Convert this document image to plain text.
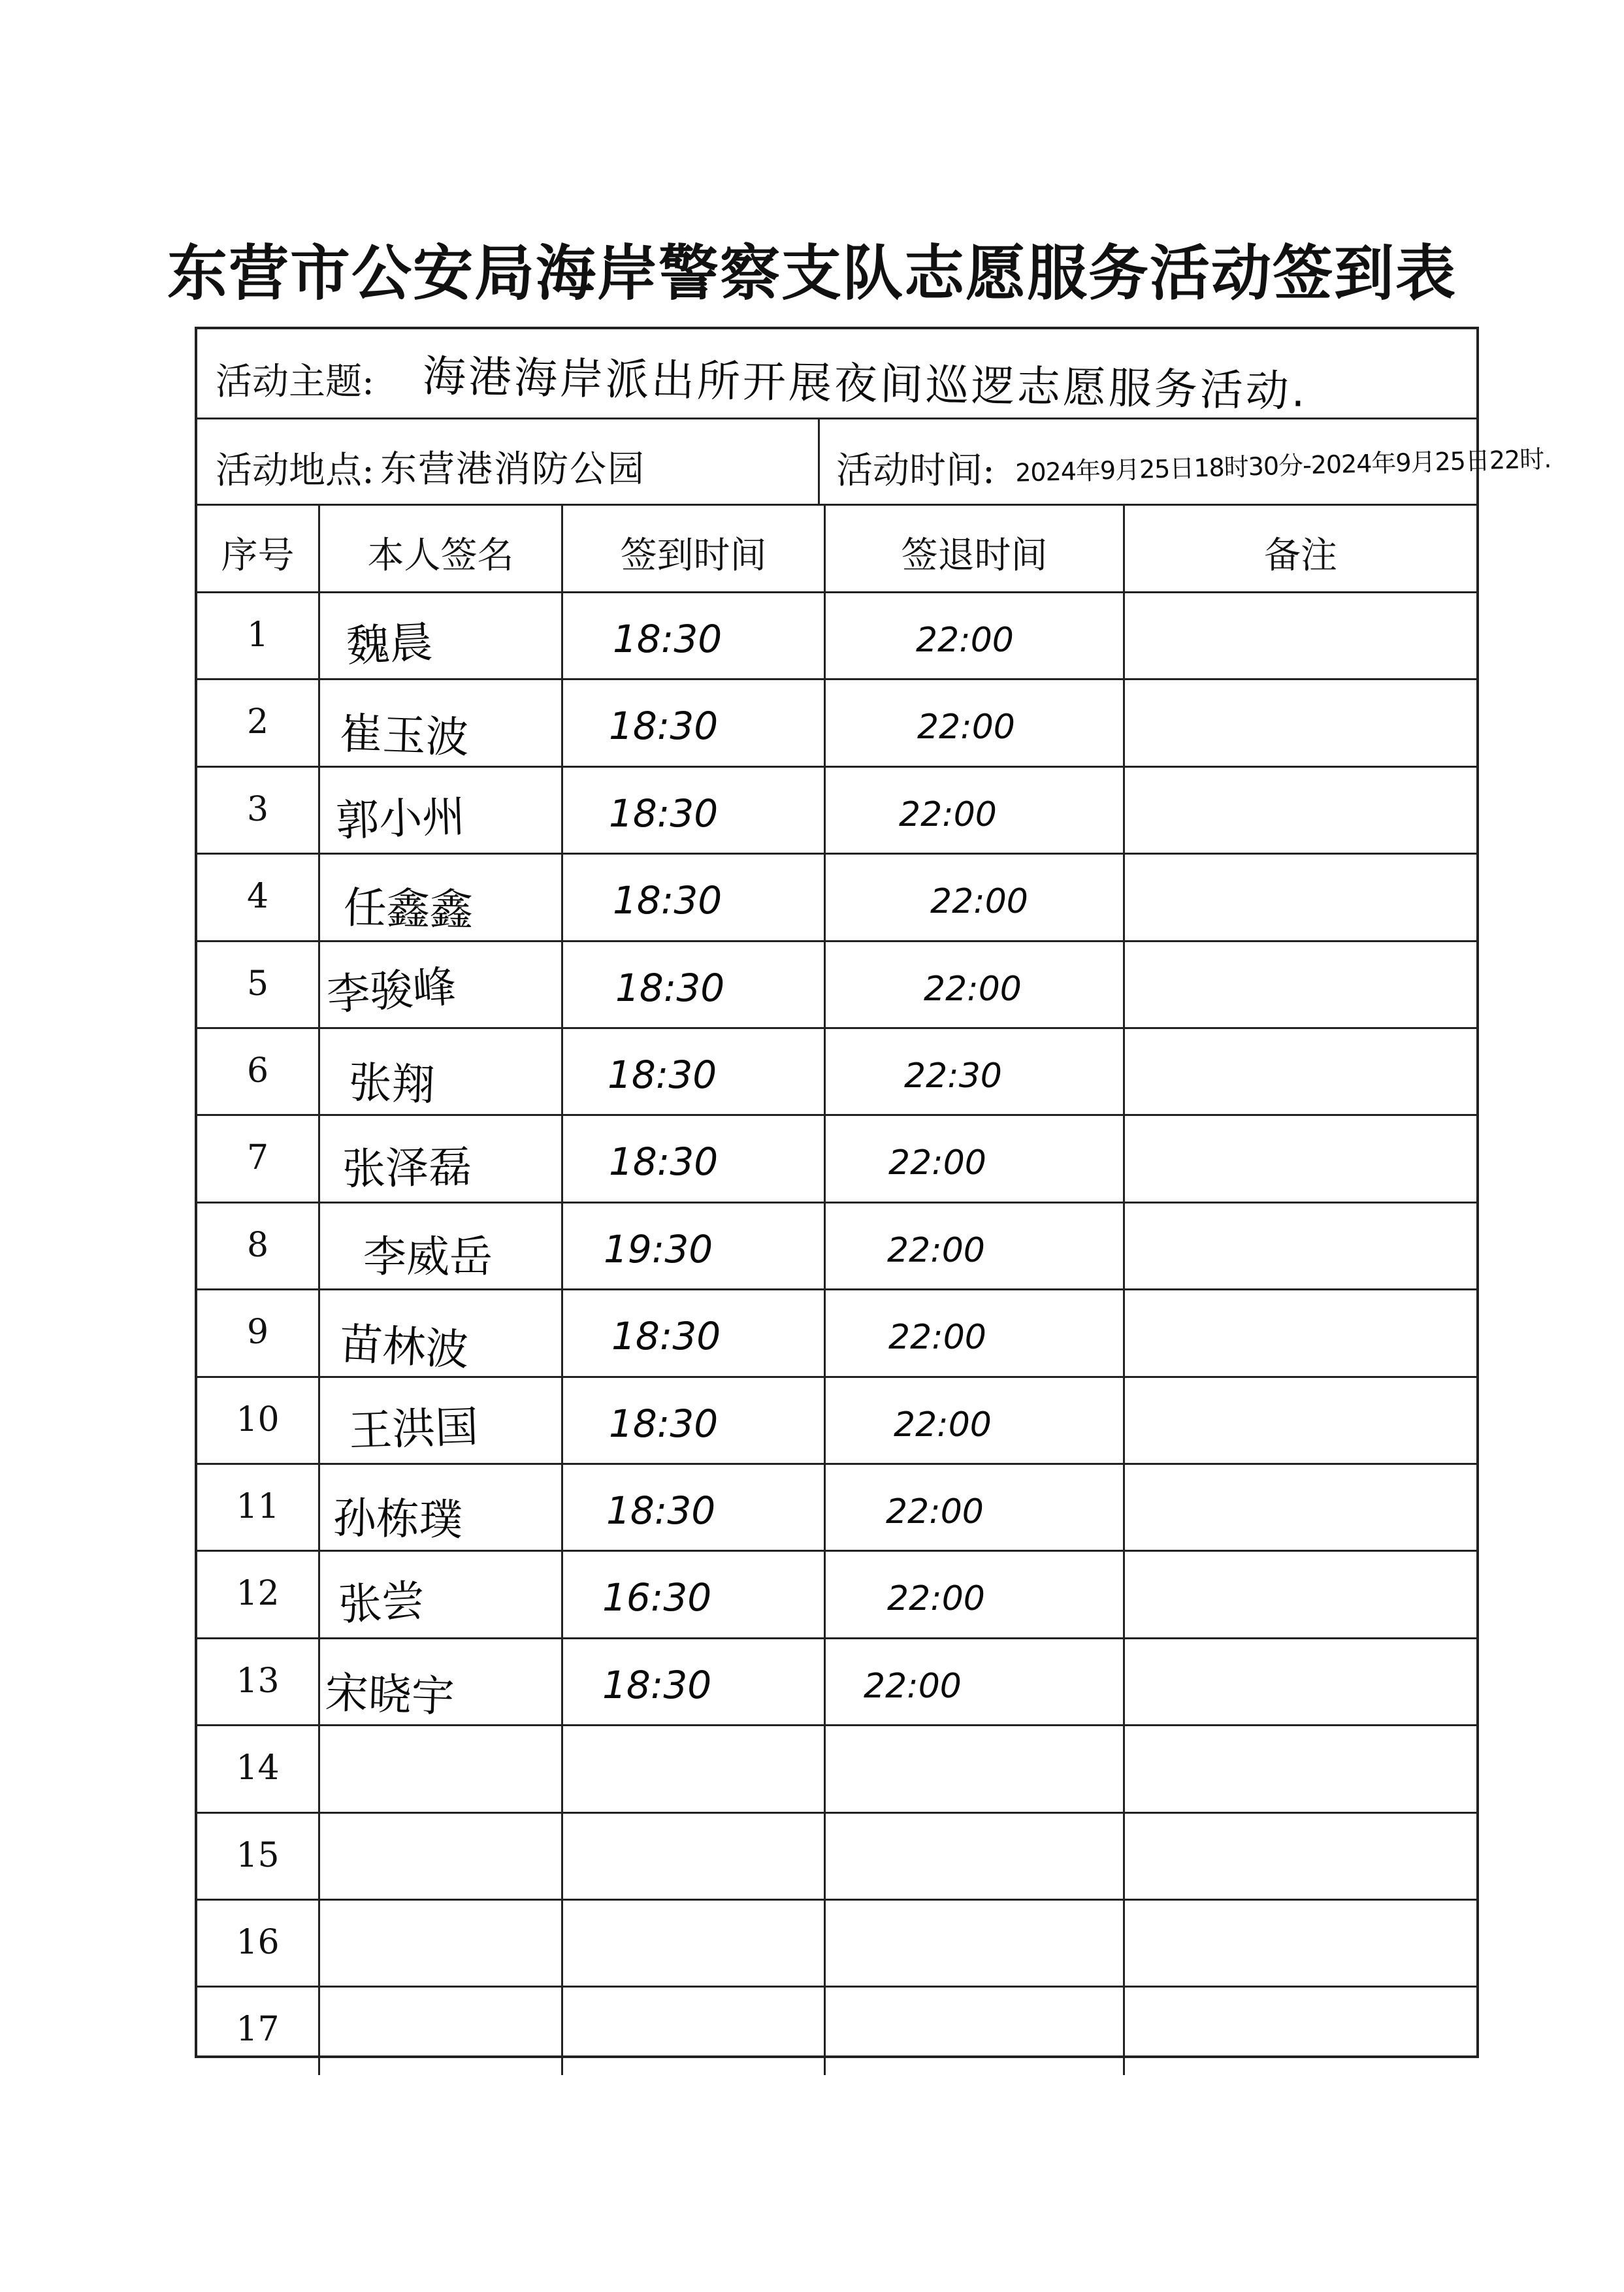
东营市公安局海岸警察支队志愿服务活动签到表
活动主题: 海港海岸派出所开展夜间巡逻志愿服务活动.
活动地点: 东营港消防公园	活动时间: 2024年9月25日18时30分-2024年9月25日22时.
序号	本人签名	签到时间	签退时间	备注
1	魏晨	18:30	22:00
2	崔玉波	18:30	22:00
3	郭小州	18:30	22:00
4	任鑫鑫	18:30	22:00
5	李骏峰	18:30	22:00
6	张翔	18:30	22:30
7	张泽磊	18:30	22:00
8	李威岳	19:30	22:00
9	苗林波	18:30	22:00
10	王洪国	18:30	22:00
11	孙栋璞	18:30	22:00
12	张尝	16:30	22:00
13	宋晓宇	18:30	22:00
14
15
16
17
